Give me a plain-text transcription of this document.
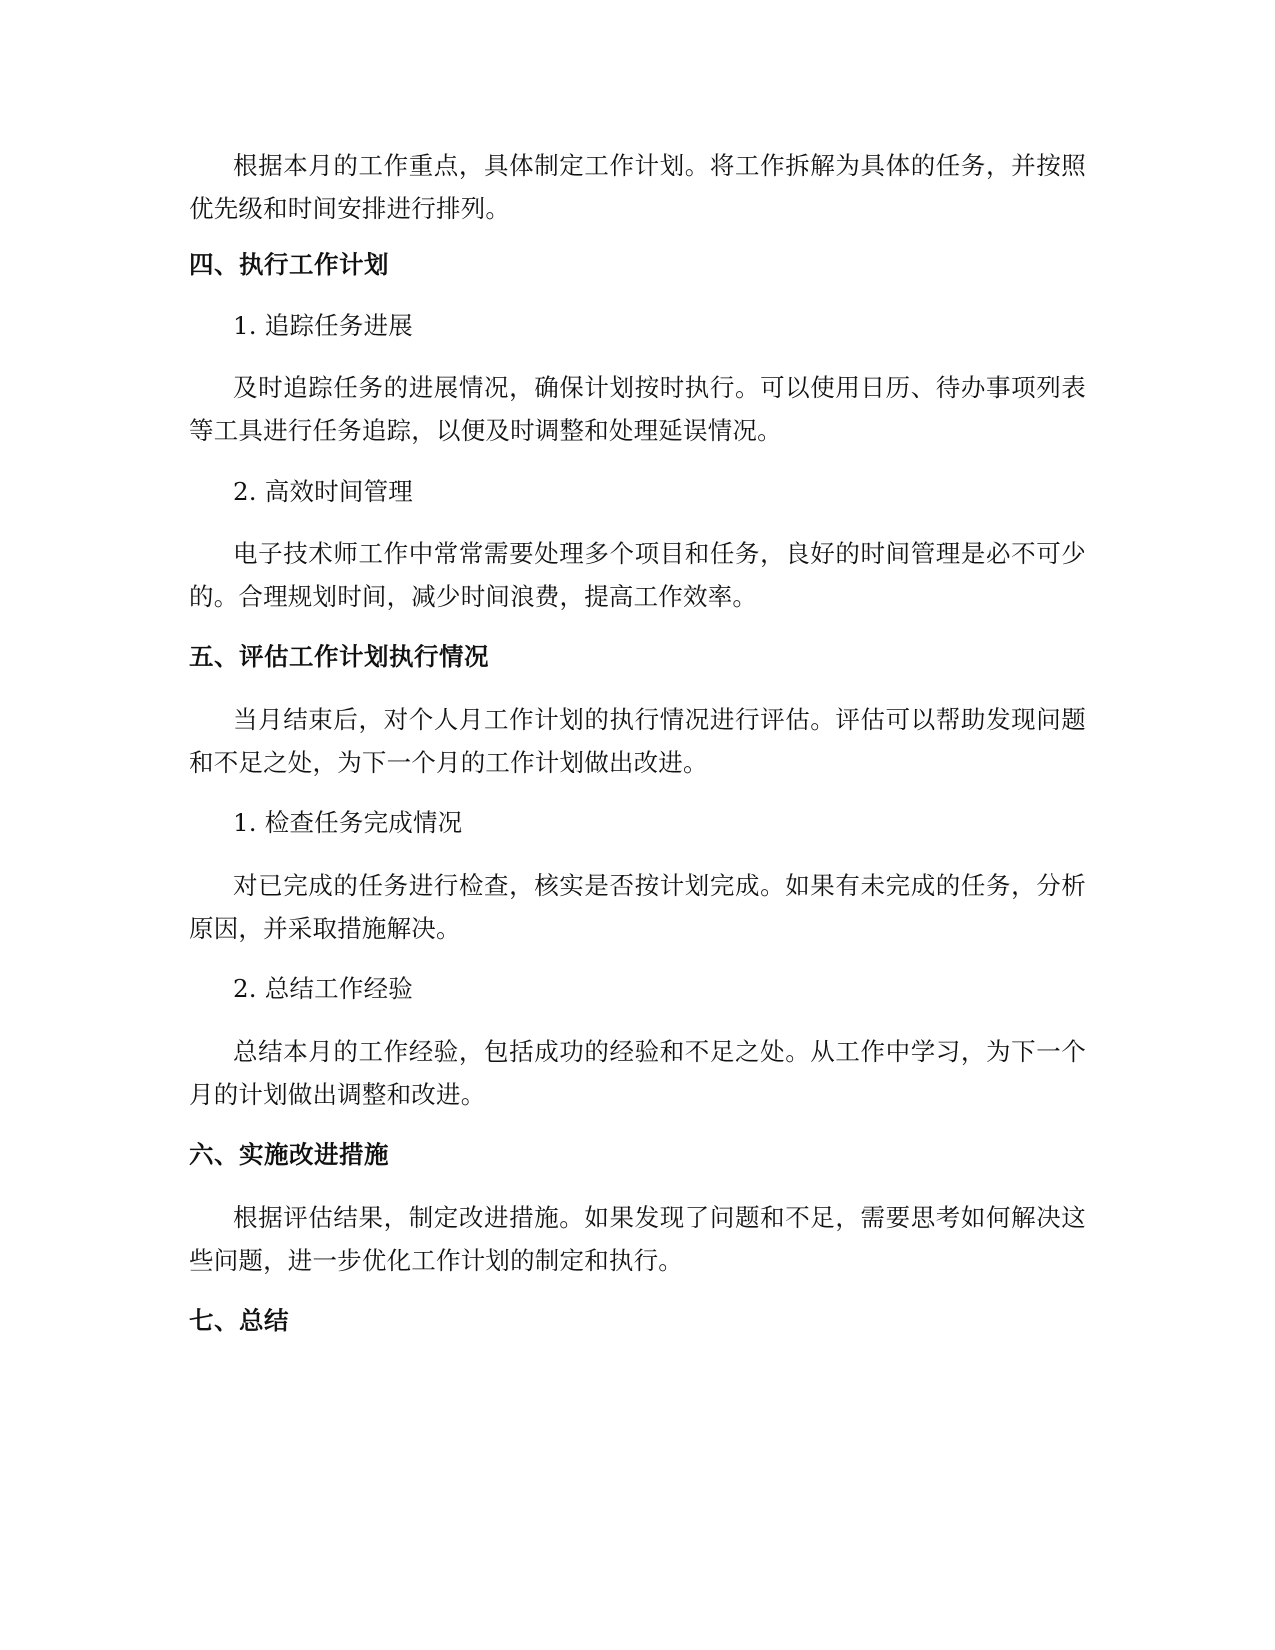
根据本月的工作重点，具体制定工作计划。将工作拆解为具体的任务，并按照优先级和时间安排进行排列。

四、执行工作计划

1. 追踪任务进展

及时追踪任务的进展情况，确保计划按时执行。可以使用日历、待办事项列表等工具进行任务追踪，以便及时调整和处理延误情况。

2. 高效时间管理

电子技术师工作中常常需要处理多个项目和任务，良好的时间管理是必不可少的。合理规划时间，减少时间浪费，提高工作效率。

五、评估工作计划执行情况

当月结束后，对个人月工作计划的执行情况进行评估。评估可以帮助发现问题和不足之处，为下一个月的工作计划做出改进。

1. 检查任务完成情况

对已完成的任务进行检查，核实是否按计划完成。如果有未完成的任务，分析原因，并采取措施解决。

2. 总结工作经验

总结本月的工作经验，包括成功的经验和不足之处。从工作中学习，为下一个月的计划做出调整和改进。

六、实施改进措施

根据评估结果，制定改进措施。如果发现了问题和不足，需要思考如何解决这些问题，进一步优化工作计划的制定和执行。

七、总结
